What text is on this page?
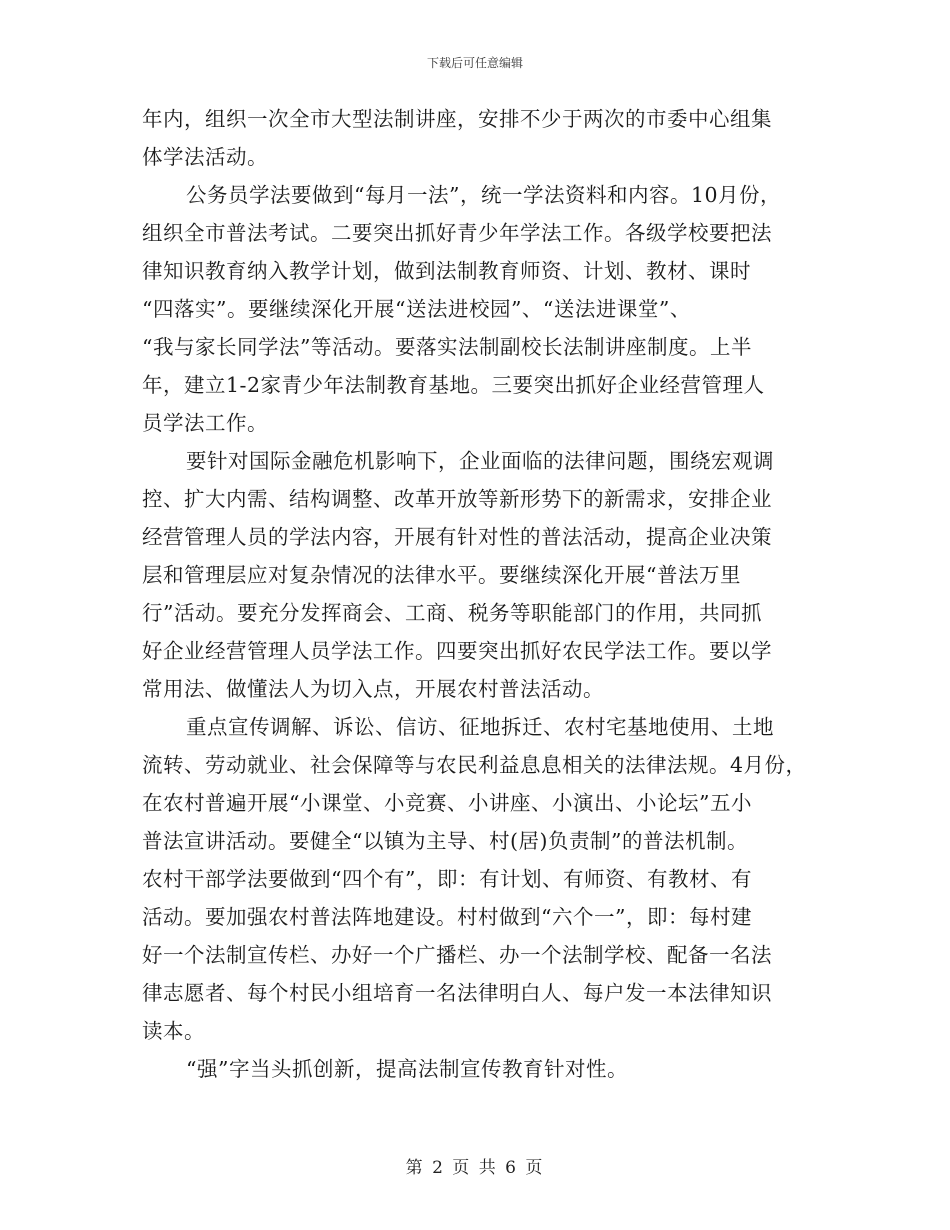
下载后可任意编辑
年内，组织一次全市大型法制讲座，安排不少于两次的市委中心组集
体学法活动。
公务员学法要做到“每月一法”，统一学法资料和内容。10月份，
组织全市普法考试。二要突出抓好青少年学法工作。各级学校要把法
律知识教育纳入教学计划，做到法制教育师资、计划、教材、课时
“四落实”。要继续深化开展“送法进校园”、“送法进课堂”、
“我与家长同学法”等活动。要落实法制副校长法制讲座制度。上半
年，建立1-2家青少年法制教育基地。三要突出抓好企业经营管理人
员学法工作。
要针对国际金融危机影响下，企业面临的法律问题，围绕宏观调
控、扩大内需、结构调整、改革开放等新形势下的新需求，安排企业
经营管理人员的学法内容，开展有针对性的普法活动，提高企业决策
层和管理层应对复杂情况的法律水平。要继续深化开展“普法万里
行”活动。要充分发挥商会、工商、税务等职能部门的作用，共同抓
好企业经营管理人员学法工作。四要突出抓好农民学法工作。要以学
常用法、做懂法人为切入点，开展农村普法活动。
重点宣传调解、诉讼、信访、征地拆迁、农村宅基地使用、土地
流转、劳动就业、社会保障等与农民利益息息相关的法律法规。4月份，
在农村普遍开展“小课堂、小竞赛、小讲座、小演出、小论坛”五小
普法宣讲活动。要健全“以镇为主导、村(居)负责制”的普法机制。
农村干部学法要做到“四个有”，即：有计划、有师资、有教材、有
活动。要加强农村普法阵地建设。村村做到“六个一”，即：每村建
好一个法制宣传栏、办好一个广播栏、办一个法制学校、配备一名法
律志愿者、每个村民小组培育一名法律明白人、每户发一本法律知识
读本。
“强”字当头抓创新，提高法制宣传教育针对性。
第 2 页 共 6 页
